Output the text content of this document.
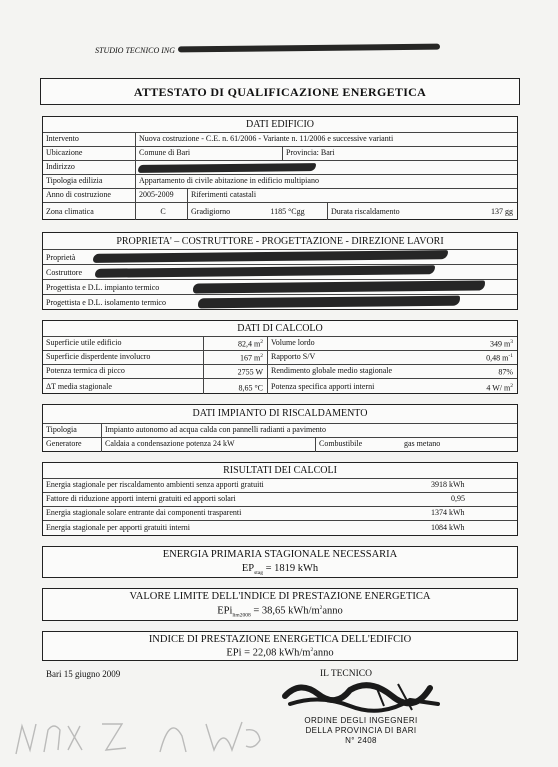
STUDIO TECNICO ING
ATTESTATO DI QUALIFICAZIONE ENERGETICA
DATI EDIFICIO
Intervento	Nuova costruzione - C.E. n. 61/2006 - Variante n. 11/2006 e successive varianti
Ubicazione	Comune di Bari	Provincia: Bari
Indirizzo
Tipologia edilizia	Appartamento di civile abitazione in edificio multipiano
Anno di costruzione	2005-2009	Riferimenti catastali
Zona climatica	C	Gradigiorno	1185 °Cgg	Durata riscaldamento	137 gg
PROPRIETA' – COSTRUTTORE - PROGETTAZIONE - DIREZIONE LAVORI
Proprietà
Costruttore
Progettista e D.L. impianto termico
Progettista e D.L. isolamento termico
DATI DI CALCOLO
Superficie utile edificio	82,4 $m^2$	Volume lordo	349 $m^3$
Superficie disperdente involucro	167 $m^2$	Rapporto S/V	0,48 $m^{-1}$
Potenza termica di picco	2755 W	Rendimento globale medio stagionale	87%
ΔT media stagionale	8,65 °C	Potenza specifica apporti interni	4 W/ $m^2$
DATI IMPIANTO DI RISCALDAMENTO
Tipologia	Impianto autonomo ad acqua calda con pannelli radianti a pavimento
Generatore	Caldaia a condensazione potenza 24 kW	Combustibile	gas metano
RISULTATI DEI CALCOLI
Energia stagionale per riscaldamento ambienti senza apporti gratuiti	3918 kWh
Fattore di riduzione apporti interni gratuiti ed apporti solari	0,95
Energia stagionale solare entrante dai componenti trasparenti	1374 kWh
Energia stagionale per apporti gratuiti interni	1084 kWh
ENERGIA PRIMARIA STAGIONALE NECESSARIA
$EP_{stag} = 1819$ kWh
VALORE LIMITE DELL'INDICE DI PRESTAZIONE ENERGETICA
EPi$_{lim2008}$ = 38,65 kWh/$m^2anno$
INDICE DI PRESTAZIONE ENERGETICA DELL'EDIFCIO
EPi = 22,08 kWh/$m^2anno$
Bari 15 giugno 2009	IL TECNICO
ORDINE DEGLI INGEGNERI
DELLA PROVINCIA DI BARI
N° 2408
